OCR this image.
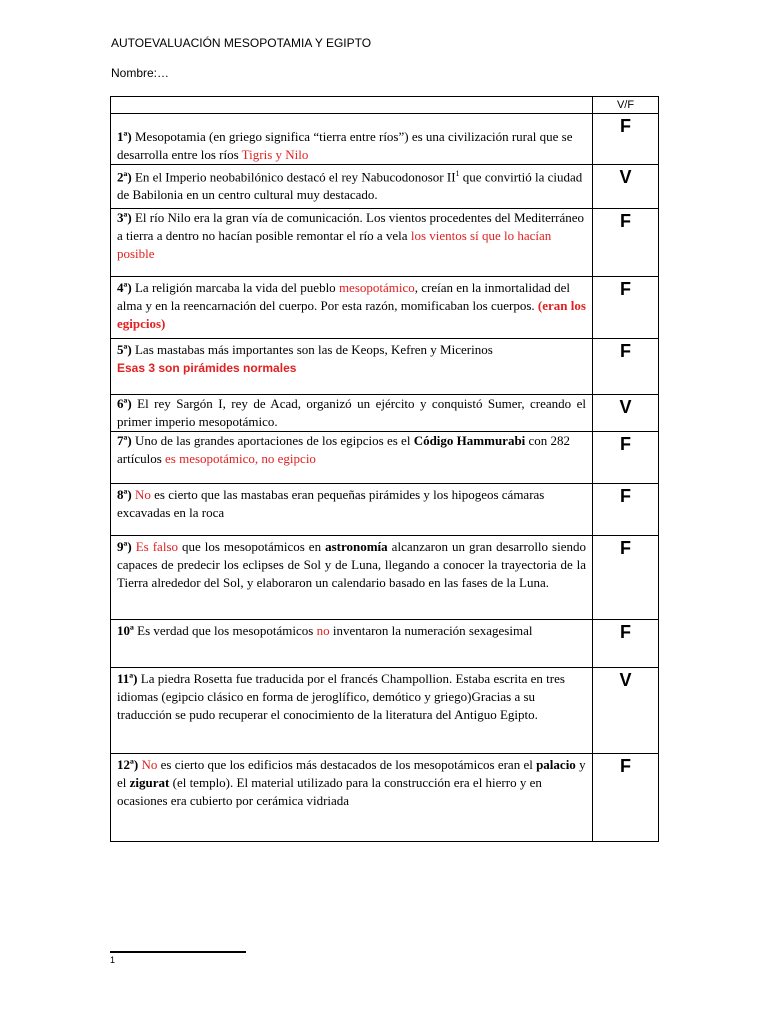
AUTOEVALUACIÓN MESOPOTAMIA Y EGIPTO
Nombre:…
	V/F
1ª) Mesopotamia (en griego significa “tierra entre ríos”) es una civilización rural que se desarrolla entre los ríos Tigris y Nilo	F
2ª) En el Imperio neobabilónico destacó el rey Nabucodonosor $II^1$ que convirtió la ciudad de Babilonia en un centro cultural muy destacado.	V
3ª) El río Nilo era la gran vía de comunicación. Los vientos procedentes del Mediterráneo a tierra a dentro no hacían posible remontar el río a vela los vientos sí que lo hacían posible	F
4ª) La religión marcaba la vida del pueblo mesopotámico, creían en la inmortalidad del alma y en la reencarnación del cuerpo. Por esta razón, momificaban los cuerpos. (eran los egipcios)	F
5ª) Las mastabas más importantes son las de Keops, Kefren y Micerinos
Esas 3 son pirámides normales	F
6ª) El rey Sargón I, rey de Acad, organizó un ejército y conquistó Sumer, creando el primer imperio mesopotámico.	V
7ª) Uno de las grandes aportaciones de los egipcios es el Código Hammurabi con 282 artículos es mesopotámico, no egipcio	F
8ª) No es cierto que las mastabas eran pequeñas pirámides y los hipogeos cámaras excavadas en la roca	F
9ª) Es falso que los mesopotámicos en astronomía alcanzaron un gran desarrollo siendo capaces de predecir los eclipses de Sol y de Luna, llegando a conocer la trayectoria de la Tierra alrededor del Sol, y elaboraron un calendario basado en las fases de la Luna.	F
10ª Es verdad que los mesopotámicos no inventaron la numeración sexagesimal	F
11ª) La piedra Rosetta fue traducida por el francés Champollion. Estaba escrita en tres idiomas (egipcio clásico en forma de jeroglífico, demótico y griego)Gracias a su traducción se pudo recuperar el conocimiento de la literatura del Antiguo Egipto.	V
12ª) No es cierto que los edificios más destacados de los mesopotámicos eran el palacio y el zigurat (el templo). El material utilizado para la construcción era el hierro y en ocasiones era cubierto por cerámica vidriada	F
1
